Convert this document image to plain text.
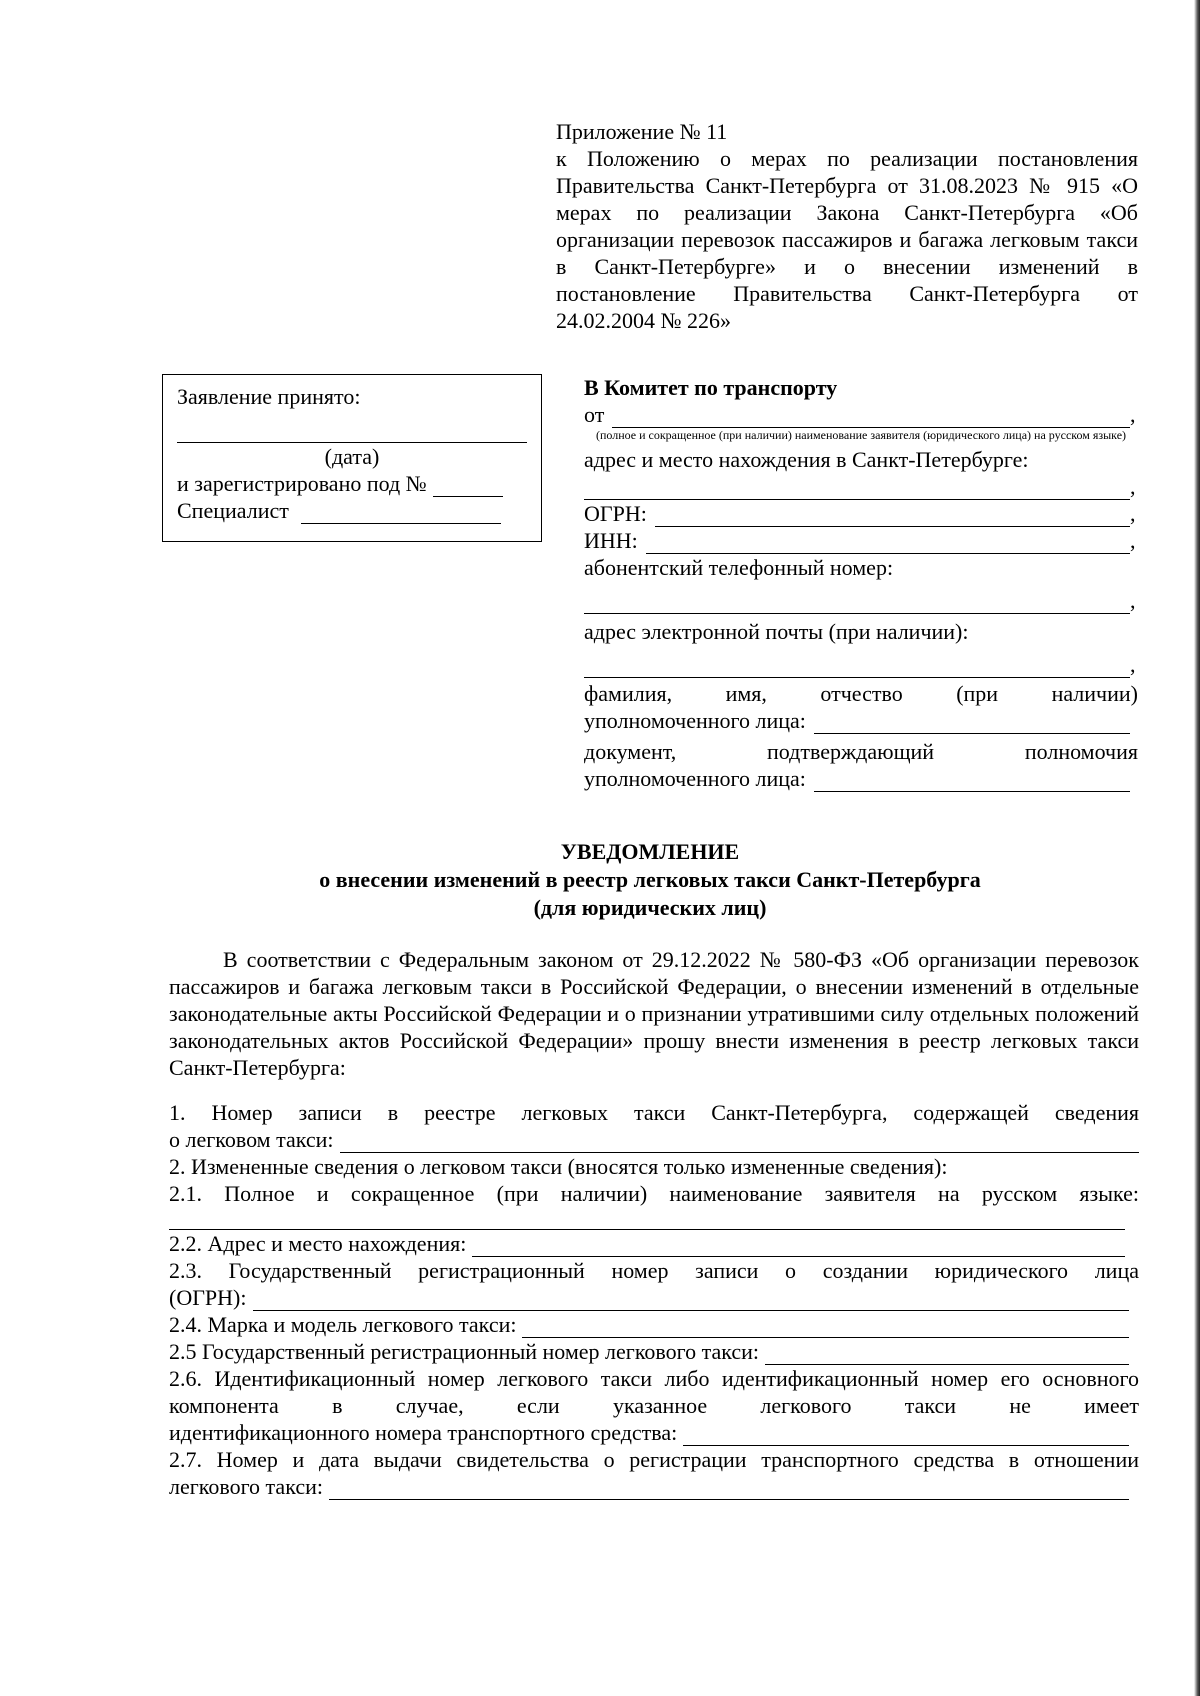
Приложение № 11
к Положению о мерах по реализации постановления Правительства Санкт-Петербурга от 31.08.2023 № 915 «О мерах по реализации Закона Санкт-Петербурга «Об организации перевозок пассажиров и багажа легковым такси в Санкт-Петербурге» и о внесении изменений в постановление Правительства Санкт-Петербурга от 24.02.2004 № 226»
Заявление принято:
(дата)
и зарегистрировано под №
Специалист
В Комитет по транспорту
от	,
(полное и сокращенное (при наличии) наименование заявителя (юридического лица) на русском языке)
адрес и место нахождения в Санкт-Петербурге:
,
ОГРН:	,
ИНН:	,
абонентский телефонный номер:
,
адрес электронной почты (при наличии):
,
фамилия, имя, отчество (при наличии)
уполномоченного лица:
документ, подтверждающий полномочия
уполномоченного лица:
УВЕДОМЛЕНИЕ
о внесении изменений в реестр легковых такси Санкт-Петербурга
(для юридических лиц)

В соответствии с Федеральным законом от 29.12.2022 № 580-ФЗ «Об организации перевозок пассажиров и багажа легковым такси в Российской Федерации, о внесении изменений в отдельные законодательные акты Российской Федерации и о признании утратившими силу отдельных положений законодательных актов Российской Федерации» прошу внести изменения в реестр легковых такси Санкт-Петербурга:

1. Номер записи в реестре легковых такси Санкт-Петербурга, содержащей сведения
о легковом такси:
2. Измененные сведения о легковом такси (вносятся только измененные сведения):
2.1. Полное и сокращенное (при наличии) наименование заявителя на русском языке:
2.2. Адрес и место нахождения:
2.3. Государственный регистрационный номер записи о создании юридического лица
(ОГРН):
2.4. Марка и модель легкового такси:
2.5 Государственный регистрационный номер легкового такси:

2.6. Идентификационный номер легкового такси либо идентификационный номер его основного компонента в случае, если указанное легкового такси не имеет

идентификационного номера транспортного средства:
2.7. Номер и дата выдачи свидетельства о регистрации транспортного средства в отношении
легкового такси:
